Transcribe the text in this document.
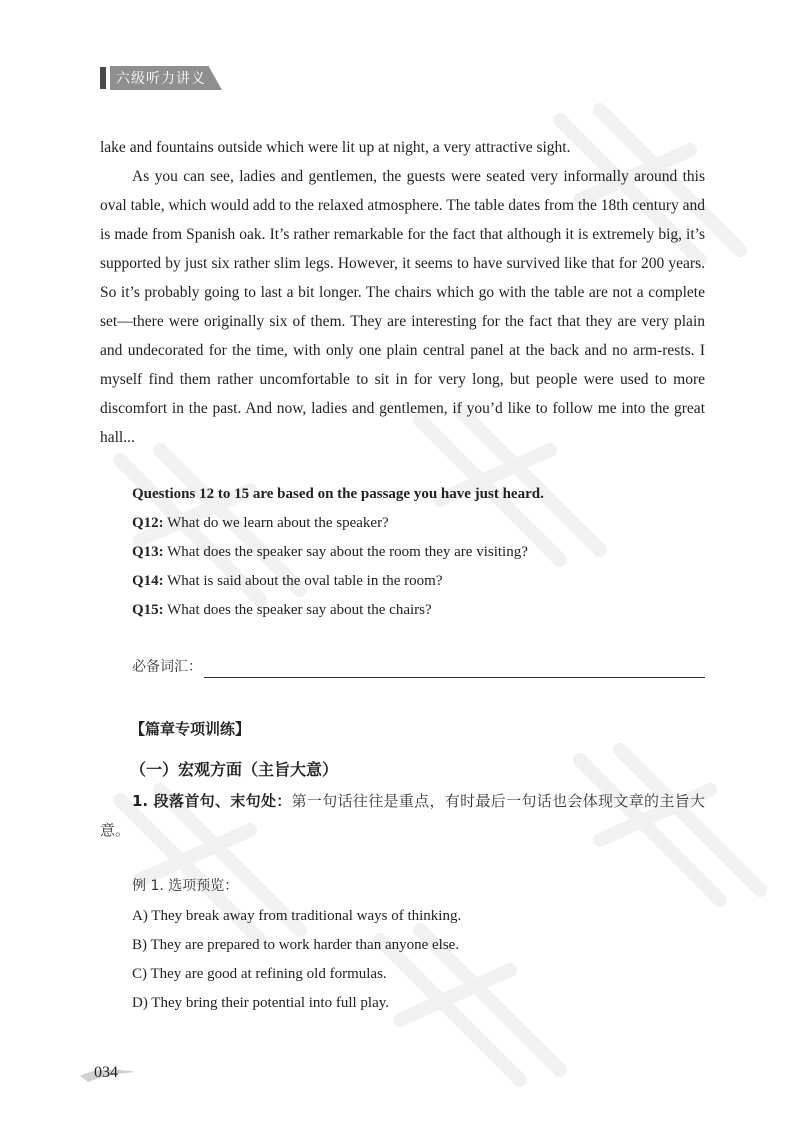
六级听力讲义

lake and fountains outside which were lit up at night, a very attractive sight.

As you can see, ladies and gentlemen, the guests were seated very informally around this oval table, which would add to the relaxed atmosphere. The table dates from the 18th century and is made from Spanish oak. It’s rather remarkable for the fact that although it is extremely big, it’s supported by just six rather slim legs. However, it seems to have survived like that for 200 years. So it’s probably going to last a bit longer. The chairs which go with the table are not a complete set—there were originally six of them. They are interesting for the fact that they are very plain and undecorated for the time, with only one plain central panel at the back and no arm-rests. I myself find them rather uncomfortable to sit in for very long, but people were used to more discomfort in the past. And now, ladies and gentlemen, if you’d like to follow me into the great hall...

Questions 12 to 15 are based on the passage you have just heard.
Q12: What do we learn about the speaker?
Q13: What does the speaker say about the room they are visiting?
Q14: What is said about the oval table in the room?
Q15: What does the speaker say about the chairs?
必备词汇：
【篇章专项训练】
（一）宏观方面（主旨大意）
1. 段落首句、末句处：第一句话往往是重点，有时最后一句话也会体现文章的主旨大意。
例 1. 选项预览：
A) They break away from traditional ways of thinking.
B) They are prepared to work harder than anyone else.
C) They are good at refining old formulas.
D) They bring their potential into full play.
034
